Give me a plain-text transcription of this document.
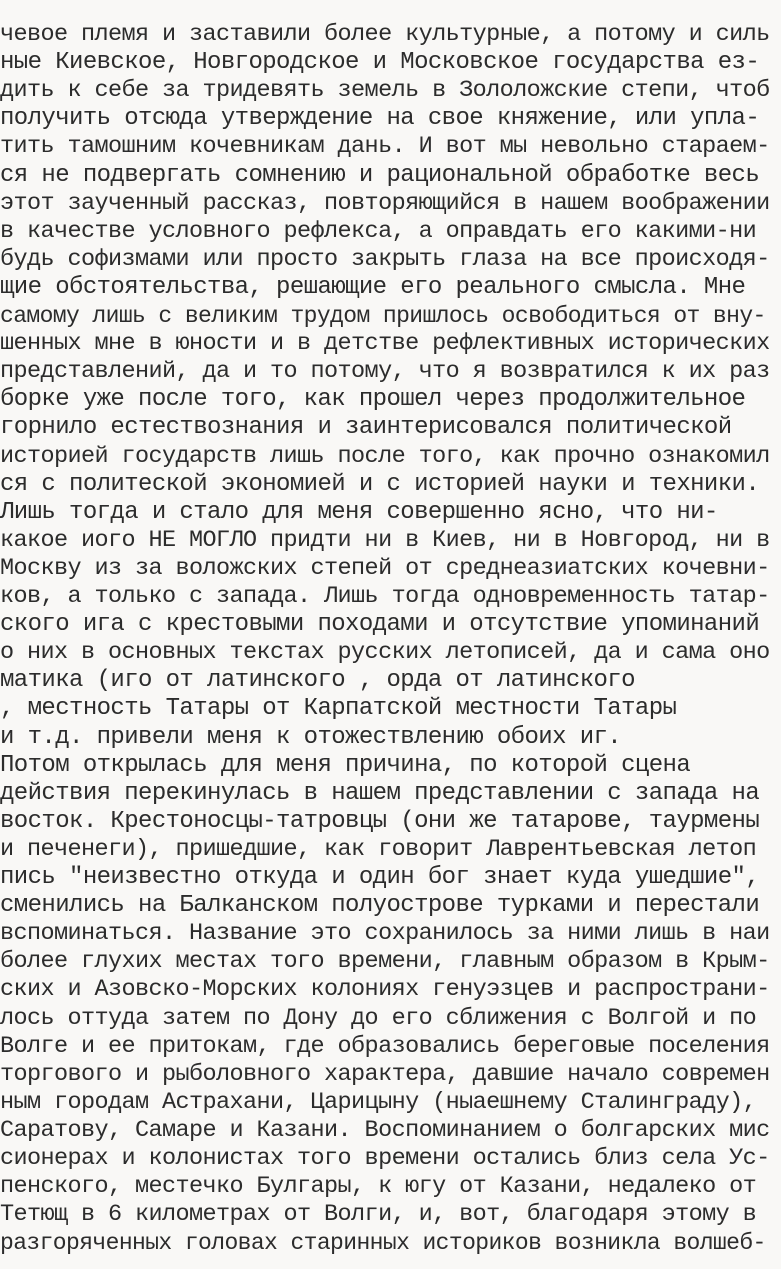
чевое племя и заставили более культурные, а потому и силь
ные Киевское, Новгородское и Московское государства ез-
дить к себе за тридевять земель в Зололожские степи, чтоб
получить отсюда утверждение на свое княжение, или упла-
тить тамошним кочевникам дань. И вот мы невольно стараем-
ся не подвергать сомнению и рациональной обработке весь
этот заученный рассказ, повторяющийся в нашем воображении
в качестве условного рефлекса, а оправдать его какими-ни
будь софизмами или просто закрыть глаза на все происходя-
щие обстоятельства, решающие его реального смысла. Мне
самому лишь с великим трудом пришлось освободиться от вну-
шенных мне в юности и в детстве рефлективных исторических
представлений, да и то потому, что я возвратился к их раз
борке уже после того, как прошел через продолжительное
горнило естествознания и заинтерисовался политической
историей государств лишь после того, как прочно ознакомил
ся с политеской экономией и с историей науки и техники.
Лишь тогда и стало для меня совершенно ясно, что ни-
какое иого НЕ МОГЛО придти ни в Киев, ни в Новгород, ни в
Москву из за воложских степей от среднеазиатских кочевни-
ков, а только с запада. Лишь тогда одновременность татар-
ского ига с крестовыми походами и отсутствие упоминаний
о них в основных текстах русских летописей, да и сама оно
матика (иго от латинского , орда от латинского
, местность Татары от Карпатской местности Татары
и т.д. привели меня к отожествлению обоих иг.
Потом открылась для меня причина, по которой сцена
действия перекинулась в нашем представлении с запада на
восток. Крестоносцы-татровцы (они же татарове, таурмены
и печенеги), пришедшие, как говорит Лаврентьевская летоп
пись "неизвестно откуда и один бог знает куда ушедшие",
сменились на Балканском полуострове турками и перестали
вспоминаться. Название это сохранилось за ними лишь в наи
более глухих местах того времени, главным образом в Крым-
ских и Азовско-Морских колониях генуэзцев и распространи-
лось оттуда затем по Дону до его сближения с Волгой и по
Волге и ее притокам, где образовались береговые поселения
торгового и рыболовного характера, давшие начало современ
ным городам Астрахани, Царицыну (ныаешнему Сталинграду),
Саратову, Самаре и Казани. Воспоминанием о болгарских мис
сионерах и колонистах того времени остались близ села Ус-
пенского, местечко Булгары, к югу от Казани, недалеко от
Тетющ в 6 километрах от Волги, и, вот, благодаря этому в
разгоряченных головах старинных историков возникла волшеб-
